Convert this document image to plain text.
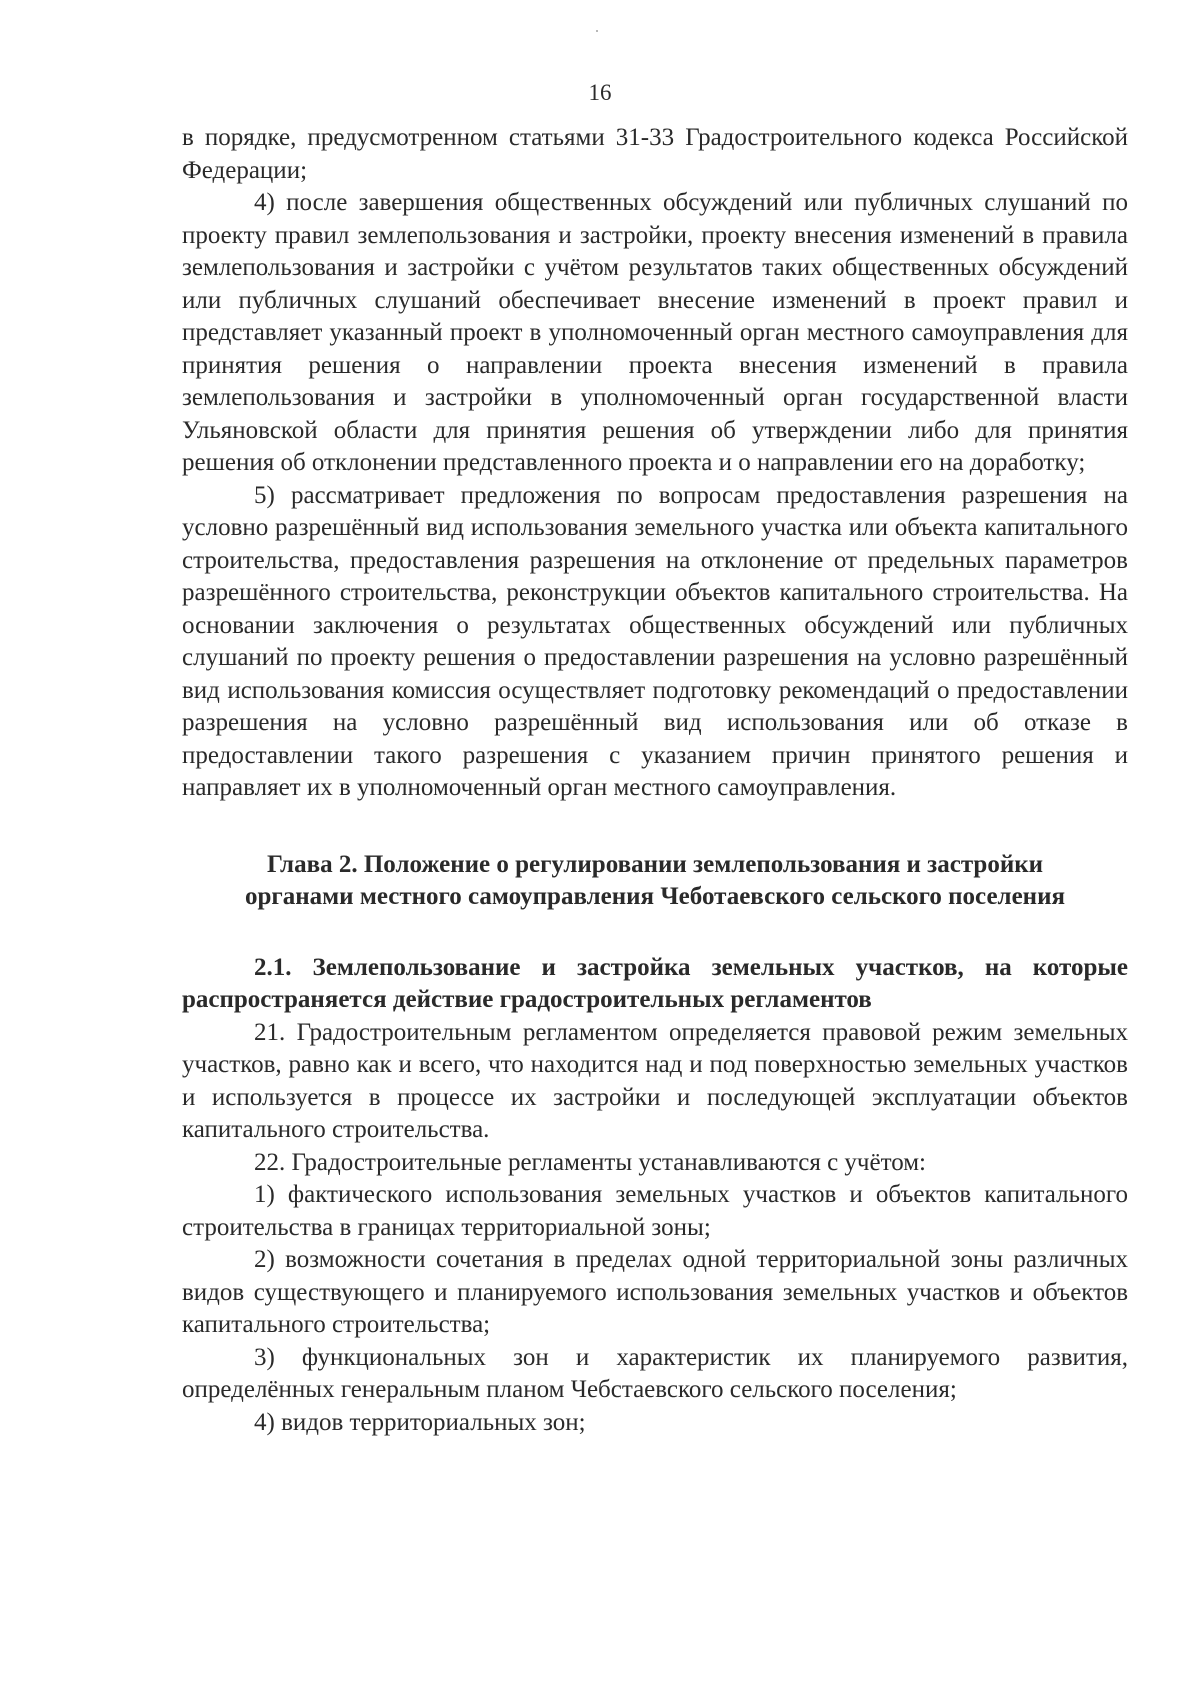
16

в порядке, предусмотренном статьями 31-33 Градостроительного кодекса Российской Федерации;

4) после завершения общественных обсуждений или публичных слушаний по проекту правил землепользования и застройки, проекту внесения изменений в правила землепользования и застройки с учётом результатов таких общественных обсуждений или публичных слушаний обеспечивает внесение изменений в проект правил и представляет указанный проект в уполномоченный орган местного самоуправления для принятия решения о направлении проекта внесения изменений в правила землепользования и застройки в уполномоченный орган государственной власти Ульяновской области для принятия решения об утверждении либо для принятия решения об отклонении представленного проекта и о направлении его на доработку;

5) рассматривает предложения по вопросам предоставления разрешения на условно разрешённый вид использования земельного участка или объекта капитального строительства, предоставления разрешения на отклонение от предельных параметров разрешённого строительства, реконструкции объектов капитального строительства. На основании заключения о результатах общественных обсуждений или публичных слушаний по проекту решения о предоставлении разрешения на условно разрешённый вид использования комиссия осуществляет подготовку рекомендаций о предоставлении разрешения на условно разрешённый вид использования или об отказе в предоставлении такого разрешения с указанием причин принятого решения и направляет их в уполномоченный орган местного самоуправления.

Глава 2. Положение о регулировании землепользования и застройки
органами местного самоуправления Чеботаевского сельского поселения

2.1. Землепользование и застройка земельных участков, на которые распространяется действие градостроительных регламентов

21. Градостроительным регламентом определяется правовой режим земельных участков, равно как и всего, что находится над и под поверхностью земельных участков и используется в процессе их застройки и последующей эксплуатации объектов капитального строительства.

22. Градостроительные регламенты устанавливаются с учётом:

1) фактического использования земельных участков и объектов капитального строительства в границах территориальной зоны;

2) возможности сочетания в пределах одной территориальной зоны различных видов существующего и планируемого использования земельных участков и объектов капитального строительства;

3) функциональных зон и характеристик их планируемого развития, определённых генеральным планом Чебстаевского сельского поселения;

4) видов территориальных зон;
